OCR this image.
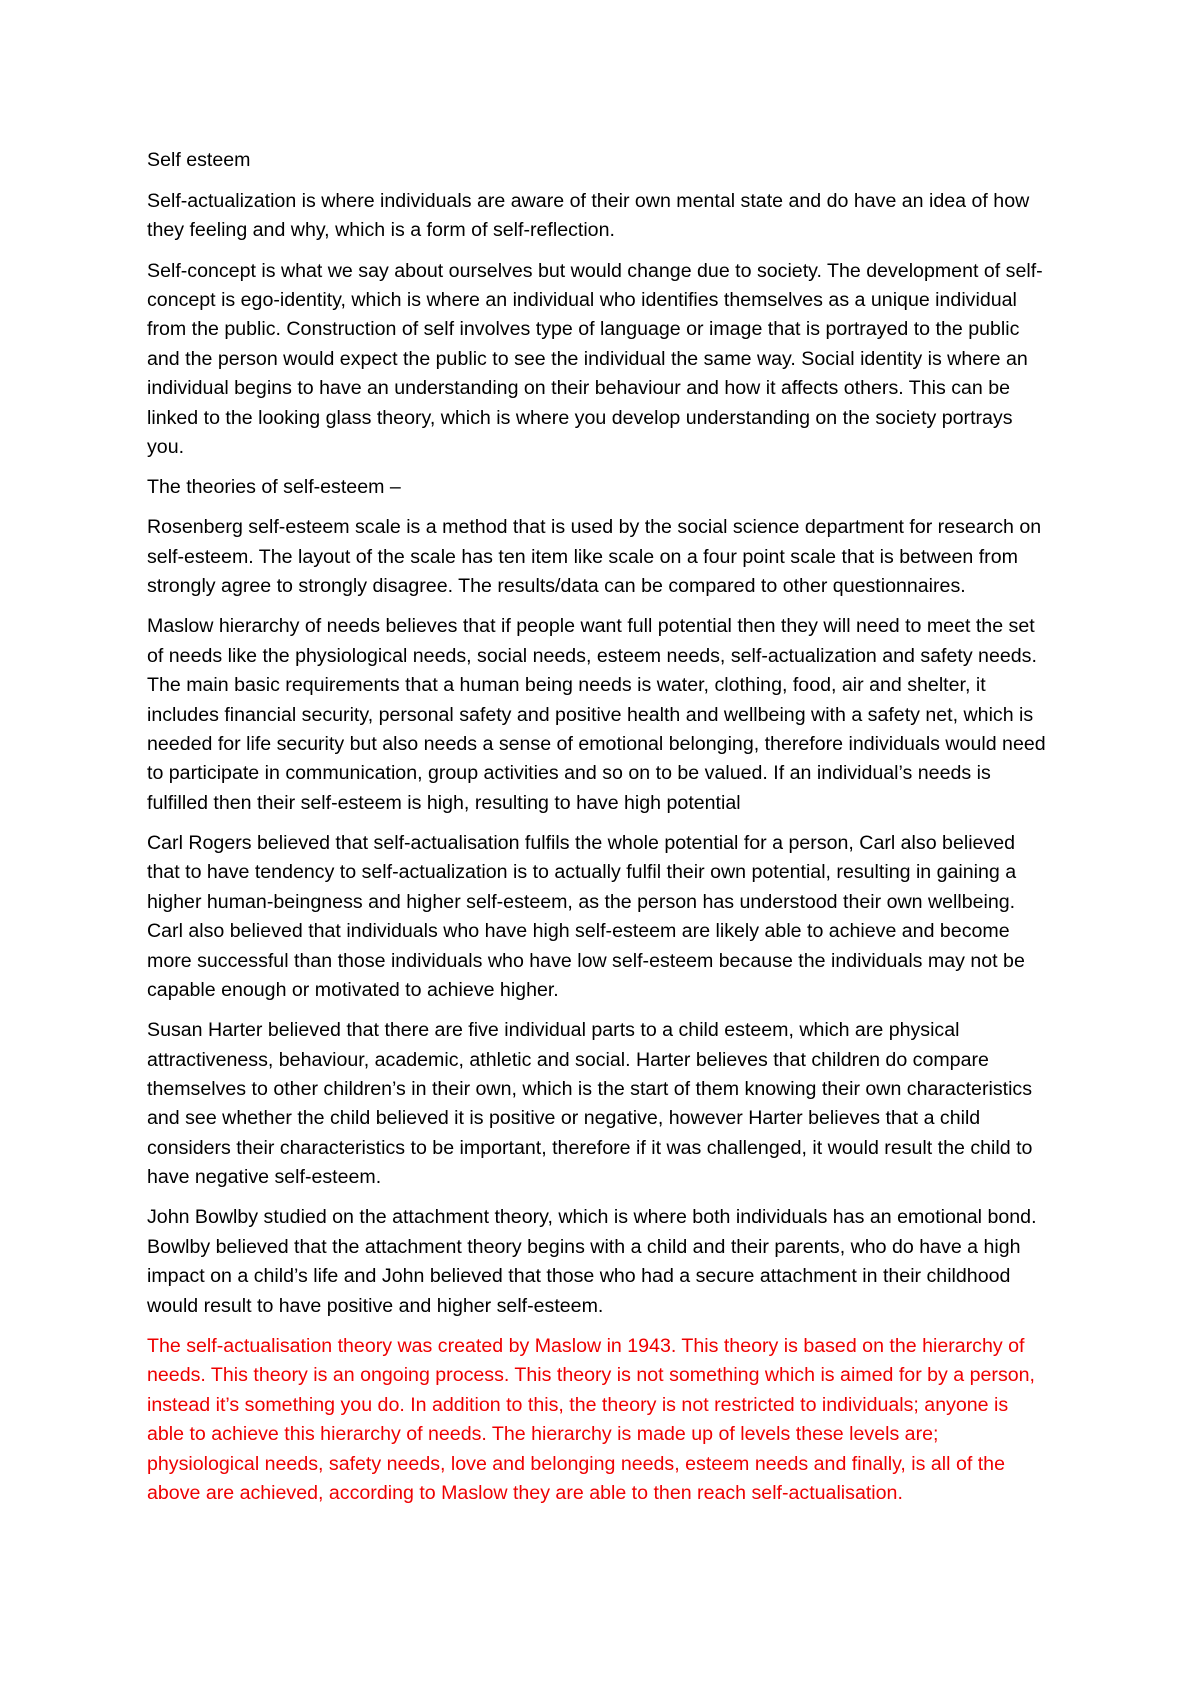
Self esteem

Self-actualization is where individuals are aware of their own mental state and do have an idea of how they feeling and why, which is a form of self-reflection.

Self-concept is what we say about ourselves but would change due to society. The development of self-concept is ego-identity, which is where an individual who identifies themselves as a unique individual from the public. Construction of self involves type of language or image that is portrayed to the public and the person would expect the public to see the individual the same way. Social identity is where an individual begins to have an understanding on their behaviour and how it affects others. This can be linked to the looking glass theory, which is where you develop understanding on the society portrays you.

The theories of self-esteem –

Rosenberg self-esteem scale is a method that is used by the social science department for research on self-esteem. The layout of the scale has ten item like scale on a four point scale that is between from strongly agree to strongly disagree. The results/data can be compared to other questionnaires.

Maslow hierarchy of needs believes that if people want full potential then they will need to meet the set of needs like the physiological needs, social needs, esteem needs, self-actualization and safety needs. The main basic requirements that a human being needs is water, clothing, food, air and shelter, it includes financial security, personal safety and positive health and wellbeing with a safety net, which is needed for life security but also needs a sense of emotional belonging, therefore individuals would need to participate in communication, group activities and so on to be valued. If an individual’s needs is fulfilled then their self-esteem is high, resulting to have high potential

Carl Rogers believed that self-actualisation fulfils the whole potential for a person, Carl also believed that to have tendency to self-actualization is to actually fulfil their own potential, resulting in gaining a higher human-beingness and higher self-esteem, as the person has understood their own wellbeing. Carl also believed that individuals who have high self-esteem are likely able to achieve and become more successful than those individuals who have low self-esteem because the individuals may not be capable enough or motivated to achieve higher.

Susan Harter believed that there are five individual parts to a child esteem, which are physical attractiveness, behaviour, academic, athletic and social. Harter believes that children do compare themselves to other children’s in their own, which is the start of them knowing their own characteristics and see whether the child believed it is positive or negative, however Harter believes that a child considers their characteristics to be important, therefore if it was challenged, it would result the child to have negative self-esteem.

John Bowlby studied on the attachment theory, which is where both individuals has an emotional bond. Bowlby believed that the attachment theory begins with a child and their parents, who do have a high impact on a child’s life and John believed that those who had a secure attachment in their childhood would result to have positive and higher self-esteem.

The self-actualisation theory was created by Maslow in 1943. This theory is based on the hierarchy of needs. This theory is an ongoing process. This theory is not something which is aimed for by a person, instead it’s something you do. In addition to this, the theory is not restricted to individuals; anyone is able to achieve this hierarchy of needs. The hierarchy is made up of levels these levels are; physiological needs, safety needs, love and belonging needs, esteem needs and finally, is all of the above are achieved, according to Maslow they are able to then reach self-actualisation.
